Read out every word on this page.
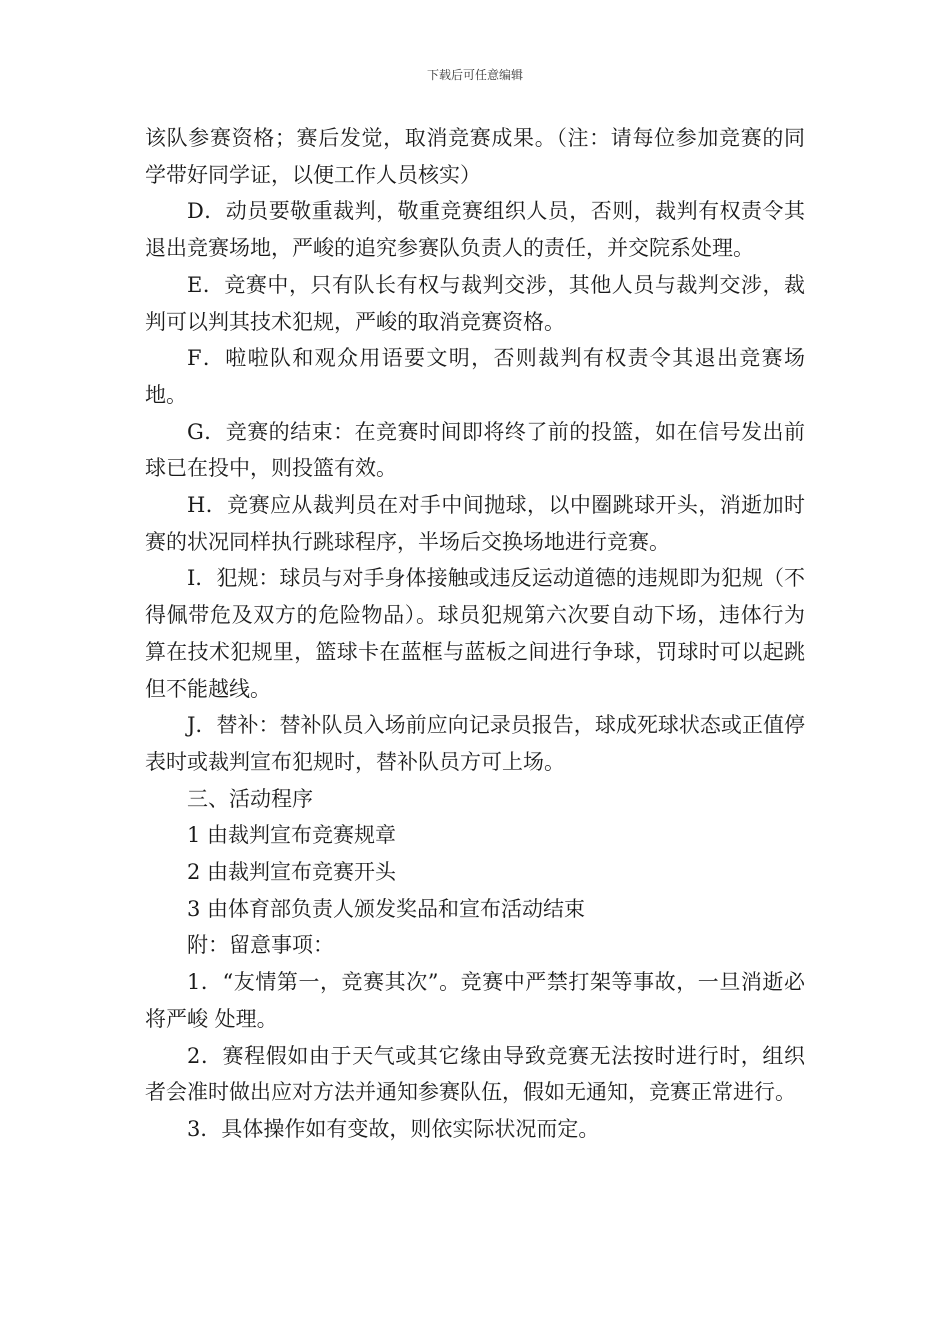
下载后可任意编辑

该队参赛资格；赛后发觉，取消竞赛成果。（注：请每位参加竞赛的同学带好同学证，以便工作人员核实）

D．动员要敬重裁判，敬重竞赛组织人员，否则，裁判有权责令其退出竞赛场地，严峻的追究参赛队负责人的责任，并交院系处理。

E．竞赛中，只有队长有权与裁判交涉，其他人员与裁判交涉，裁判可以判其技术犯规，严峻的取消竞赛资格。

F．啦啦队和观众用语要文明，否则裁判有权责令其退出竞赛场地。

G．竞赛的结束：在竞赛时间即将终了前的投篮，如在信号发出前球已在投中，则投篮有效。

H．竞赛应从裁判员在对手中间抛球，以中圈跳球开头，消逝加时赛的状况同样执行跳球程序，半场后交换场地进行竞赛。

I．犯规：球员与对手身体接触或违反运动道德的违规即为犯规（不得佩带危及双方的危险物品）。球员犯规第六次要自动下场，违体行为算在技术犯规里，篮球卡在蓝框与蓝板之间进行争球，罚球时可以起跳但不能越线。

J．替补：替补队员入场前应向记录员报告，球成死球状态或正值停表时或裁判宣布犯规时，替补队员方可上场。

三、活动程序

1 由裁判宣布竞赛规章

2 由裁判宣布竞赛开头

3 由体育部负责人颁发奖品和宣布活动结束

附：留意事项：

1．“友情第一，竞赛其次”。竞赛中严禁打架等事故，一旦消逝必将严峻 处理。

2．赛程假如由于天气或其它缘由导致竞赛无法按时进行时，组织者会准时做出应对方法并通知参赛队伍，假如无通知，竞赛正常进行。

3．具体操作如有变故，则依实际状况而定。
